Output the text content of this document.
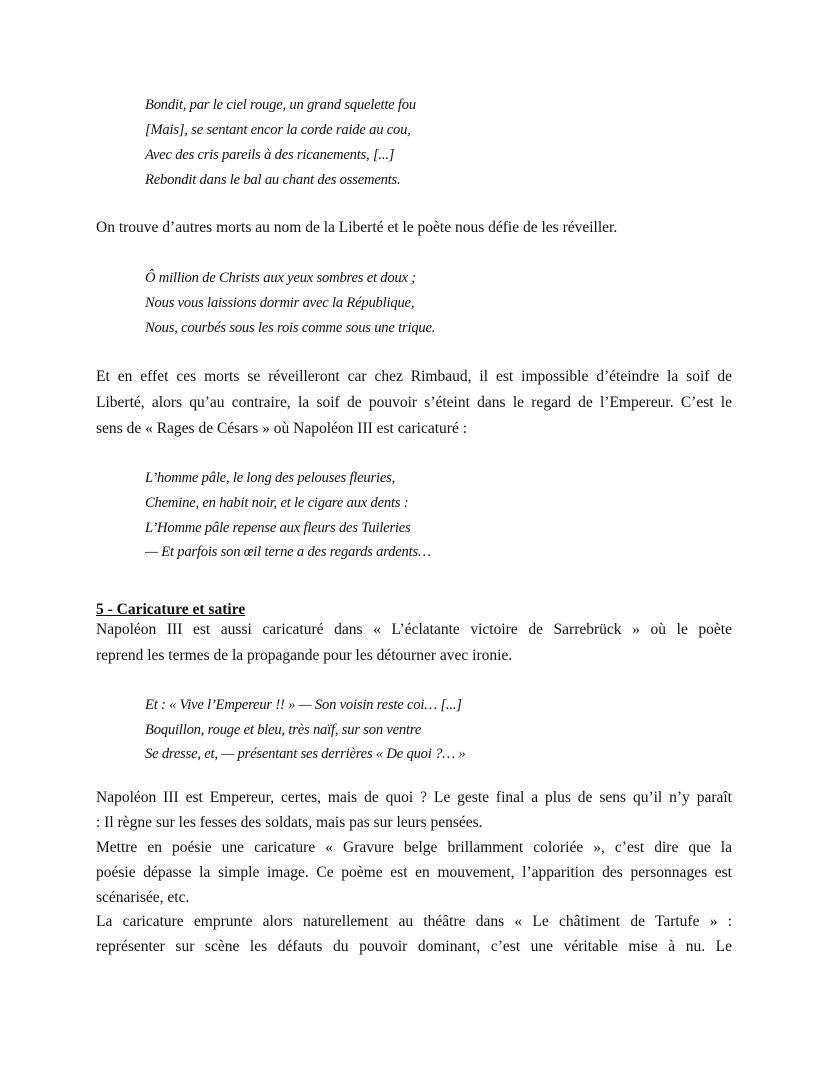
Bondit, par le ciel rouge, un grand squelette fou
[Mais], se sentant encor la corde raide au cou,
Avec des cris pareils à des ricanements, [...]
Rebondit dans le bal au chant des ossements.
On trouve d’autres morts au nom de la Liberté et le poète nous défie de les réveiller.
Ô million de Christs aux yeux sombres et doux ;
Nous vous laissions dormir avec la République,
Nous, courbés sous les rois comme sous une trique.
Et en effet ces morts se réveilleront car chez Rimbaud, il est impossible d’éteindre la soif de
Liberté, alors qu’au contraire, la soif de pouvoir s’éteint dans le regard de l’Empereur. C’est le
sens de « Rages de Césars » où Napoléon III est caricaturé :
L’homme pâle, le long des pelouses fleuries,
Chemine, en habit noir, et le cigare aux dents :
L’Homme pâle repense aux fleurs des Tuileries
— Et parfois son œil terne a des regards ardents…
5 - Caricature et satire
Napoléon III est aussi caricaturé dans « L’éclatante victoire de Sarrebrück » où le poète
reprend les termes de la propagande pour les détourner avec ironie.
Et : « Vive l’Empereur !! » — Son voisin reste coi… [...]
Boquillon, rouge et bleu, très naïf, sur son ventre
Se dresse, et, — présentant ses derrières « De quoi ?… »
Napoléon III est Empereur, certes, mais de quoi ? Le geste final a plus de sens qu’il n’y paraît
: Il règne sur les fesses des soldats, mais pas sur leurs pensées.
Mettre en poésie une caricature « Gravure belge brillamment coloriée », c’est dire que la
poésie dépasse la simple image. Ce poème est en mouvement, l’apparition des personnages est
scénarisée, etc.
La caricature emprunte alors naturellement au théâtre dans « Le châtiment de Tartufe » :
représenter sur scène les défauts du pouvoir dominant, c’est une véritable mise à nu. Le
